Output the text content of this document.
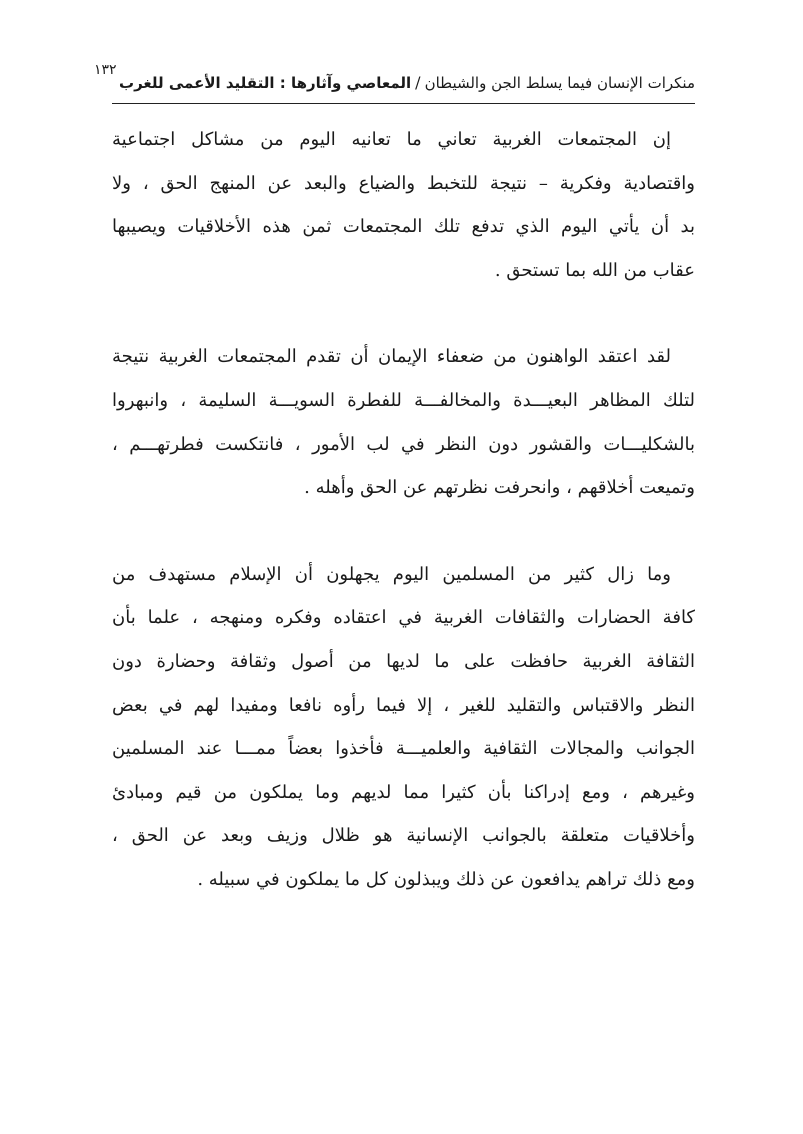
١٣٢
منكرات الإنسان فيما يسلط الجن والشيطان/المعاصي وآثارها : التقليد الأعمى للغرب

إن المجتمعات الغربية تعاني ما تعانيه اليوم من مشاكل اجتماعية
واقتصادية وفكرية – نتيجة للتخبط والضياع والبعد عن المنهج الحق ، ولا
بد أن يأتي اليوم الذي تدفع تلك المجتمعات ثمن هذه الأخلاقيات ويصيبها
عقاب من الله بما تستحق .

لقد اعتقد الواهنون من ضعفاء الإيمان أن تقدم المجتمعات الغربية نتيجة
لتلك المظاهر البعيـــدة والمخالفـــة للفطرة السويـــة السليمة ، وانبهروا
بالشكليـــات والقشور دون النظر في لب الأمور ، فانتكست فطرتهـــم ،
وتميعت أخلاقهم ، وانحرفت نظرتهم عن الحق وأهله .

وما زال كثير من المسلمين اليوم يجهلون أن الإسلام مستهدف من
كافة الحضارات والثقافات الغربية في اعتقاده وفكره ومنهجه ، علما بأن
الثقافة الغربية حافظت على ما لديها من أصول وثقافة وحضارة دون
النظر والاقتباس والتقليد للغير ، إلا فيما رأوه نافعا ومفيدا لهم في بعض
الجوانب والمجالات الثقافية والعلميـــة فأخذوا بعضاً ممـــا عند المسلمين
وغيرهم ، ومع إدراكنا بأن كثيرا مما لديهم وما يملكون من قيم ومبادئ
وأخلاقيات متعلقة بالجوانب الإنسانية هو ظلال وزيف وبعد عن الحق ،
ومع ذلك تراهم يدافعون عن ذلك ويبذلون كل ما يملكون في سبيله .
